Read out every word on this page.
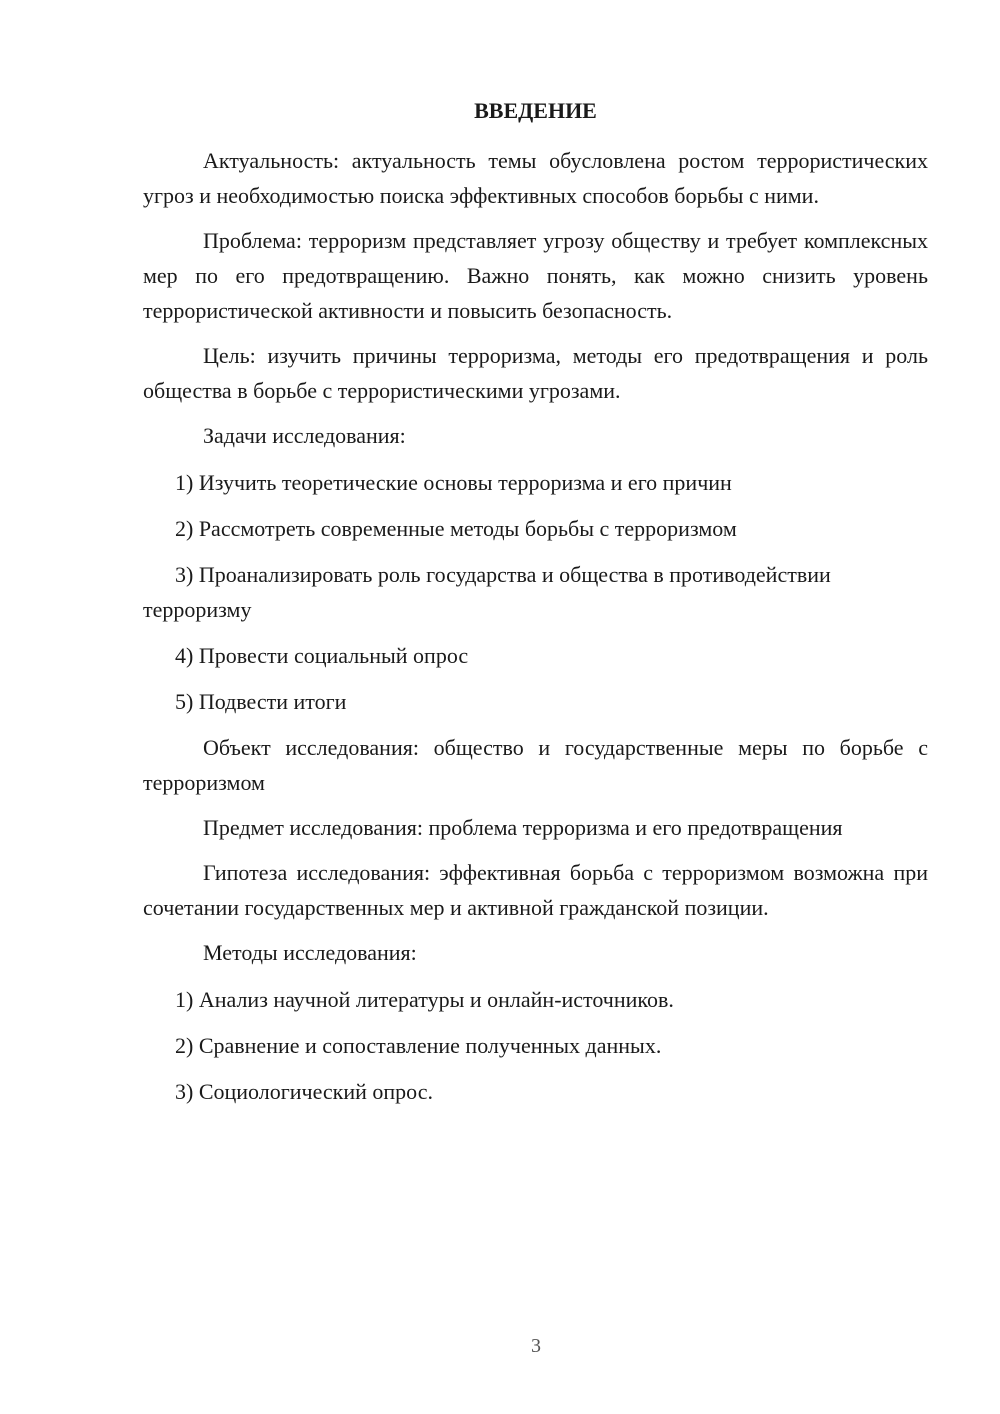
ВВЕДЕНИЕ

Актуальность: актуальность темы обусловлена ростом террористических угроз и необходимостью поиска эффективных способов борьбы с ними.

Проблема: терроризм представляет угрозу обществу и требует комплексных мер по его предотвращению. Важно понять, как можно снизить уровень террористической активности и повысить безопасность.

Цель: изучить причины терроризма, методы его предотвращения и роль общества в борьбе с террористическими угрозами.

Задачи исследования:

1) Изучить теоретические основы терроризма и его причин

2) Рассмотреть современные методы борьбы с терроризмом

3) Проанализировать роль государства и общества в противодействии терроризму

4) Провести социальный опрос

5) Подвести итоги

Объект исследования: общество и государственные меры по борьбе с терроризмом

Предмет исследования: проблема терроризма и его предотвращения

Гипотеза исследования: эффективная борьба с терроризмом возможна при сочетании государственных мер и активной гражданской позиции.

Методы исследования:

1) Анализ научной литературы и онлайн-источников.

2) Сравнение и сопоставление полученных данных.

3) Социологический опрос.

3
